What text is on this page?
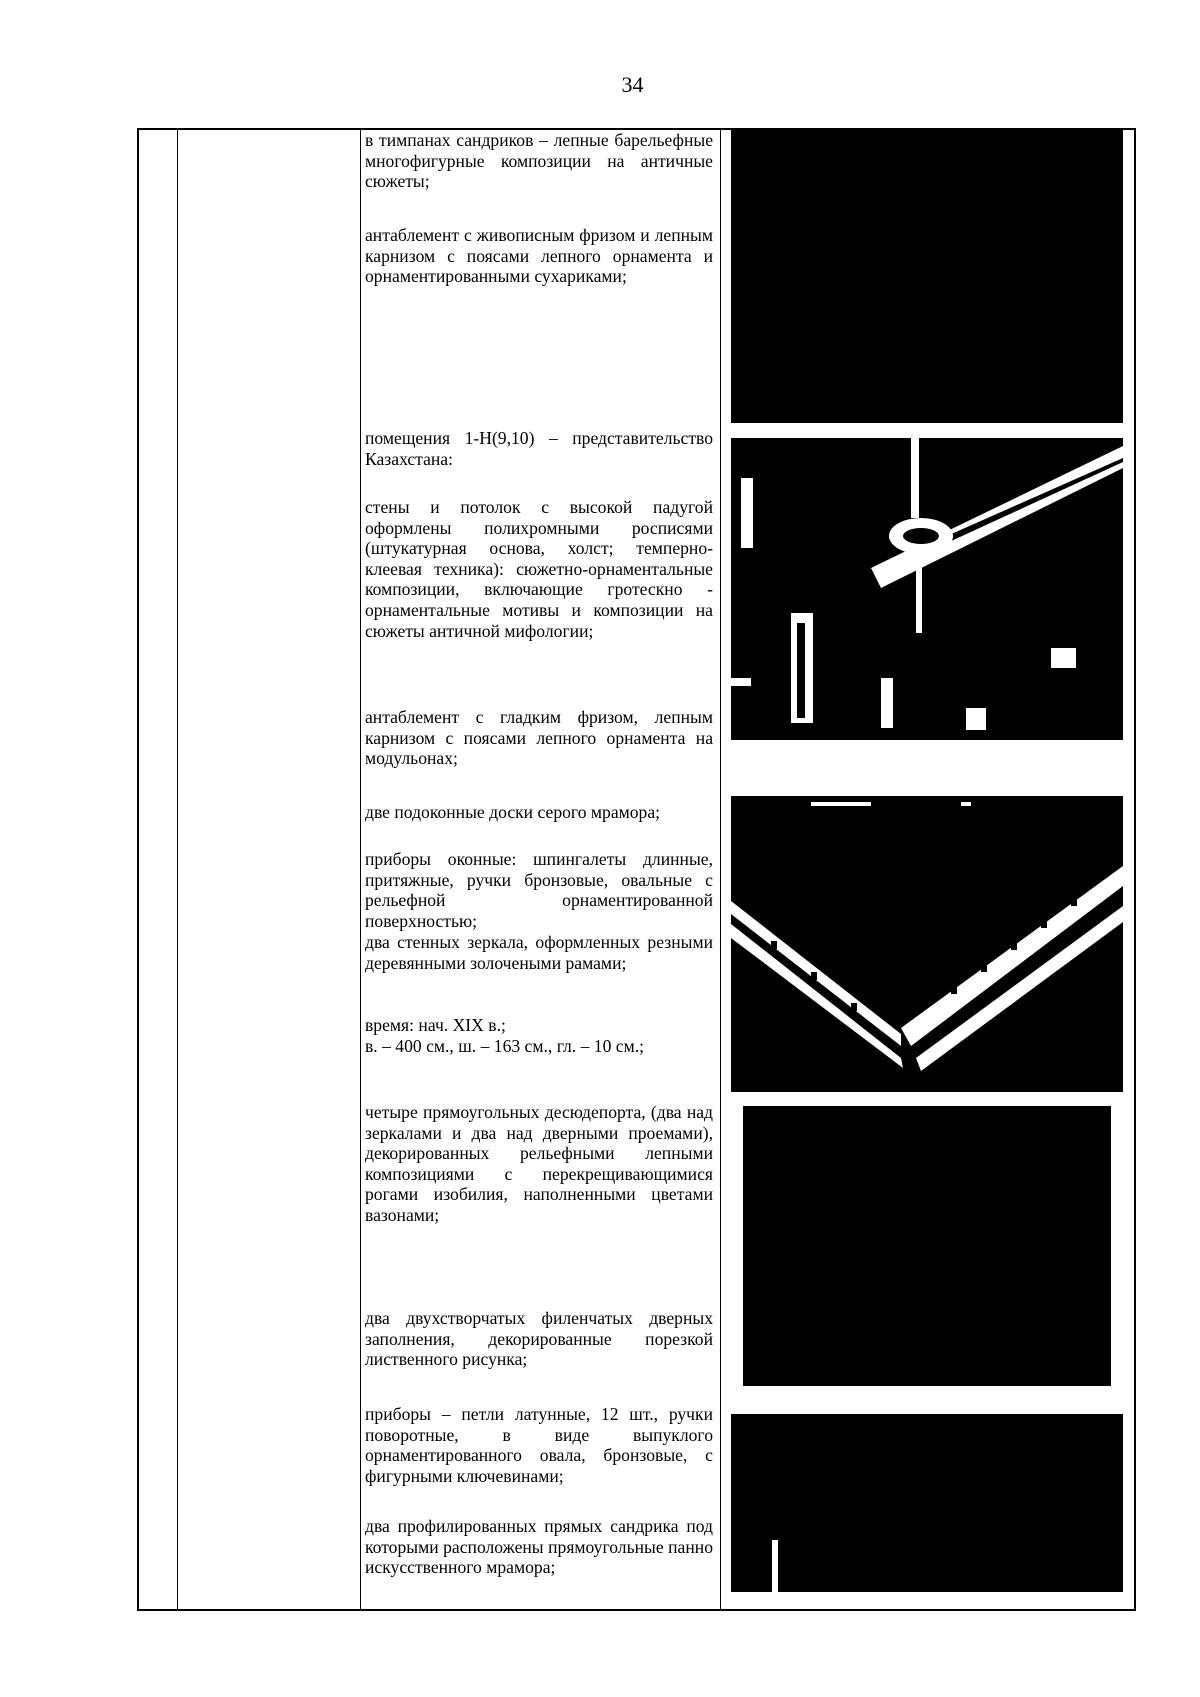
34
в тимпанах сандриков – лепные барельефные многофигурные композиции на античные сюжеты;
антаблемент с живописным фризом и лепным карнизом с поясами лепного орнамента и орнаментированными сухариками;
помещения 1-Н(9,10) – представительство Казахстана:
стены и потолок с высокой падугой оформлены полихромными росписями (штукатурная основа, холст; темперно-клеевая техника): сюжетно-орнаментальные композиции, включающие гротескно - орнаментальные мотивы и композиции на сюжеты античной мифологии;
антаблемент с гладким фризом, лепным карнизом с поясами лепного орнамента на модульонах;
две подоконные доски серого мрамора;
приборы оконные: шпингалеты длинные, притяжные, ручки бронзовые, овальные с рельефной орнаментированной поверхностью;
два стенных зеркала, оформленных резными деревянными золочеными рамами;
время: нач. XIX в.;
в. – 400 см., ш. – 163 см., гл. – 10 см.;
четыре прямоугольных десюдепорта, (два над зеркалами и два над дверными проемами), декорированных рельефными лепными композициями с перекрещивающимися рогами изобилия, наполненными цветами вазонами;
два двухстворчатых филенчатых дверных заполнения, декорированные порезкой лиственного рисунка;
приборы – петли латунные, 12 шт., ручки поворотные, в виде выпуклого орнаментированного овала, бронзовые, с фигурными ключевинами;
два профилированных прямых сандрика под которыми расположены прямоугольные панно искусственного мрамора;
